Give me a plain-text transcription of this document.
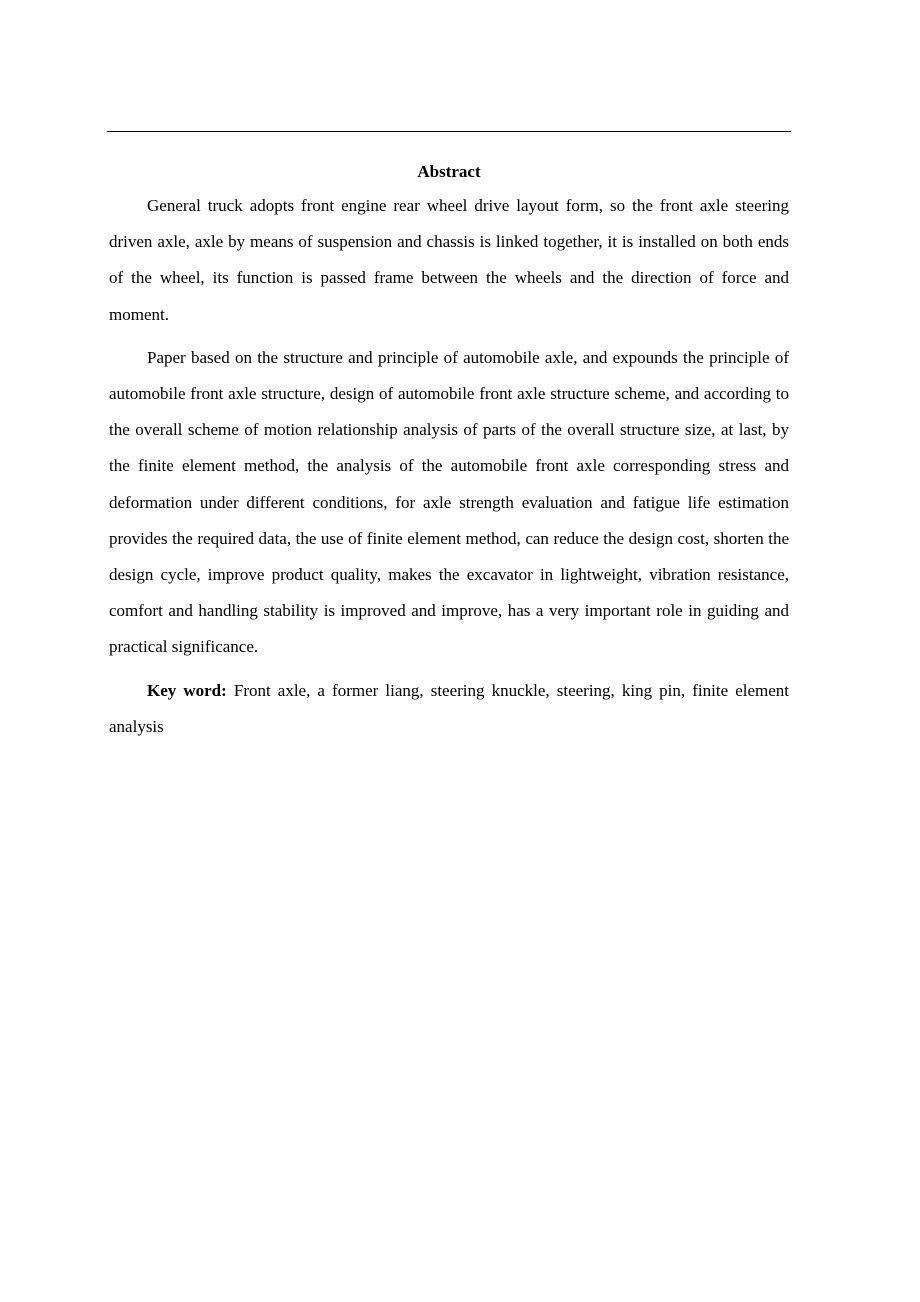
Abstract

General truck adopts front engine rear wheel drive layout form, so the front axle steering driven axle, axle by means of suspension and chassis is linked together, it is installed on both ends of the wheel, its function is passed frame between the wheels and the direction of force and moment.

Paper based on the structure and principle of automobile axle, and expounds the principle of automobile front axle structure, design of automobile front axle structure scheme, and according to the overall scheme of motion relationship analysis of parts of the overall structure size, at last, by the finite element method, the analysis of the automobile front axle corresponding stress and deformation under different conditions, for axle strength evaluation and fatigue life estimation provides the required data, the use of finite element method, can reduce the design cost, shorten the design cycle, improve product quality, makes the excavator in lightweight, vibration resistance, comfort and handling stability is improved and improve, has a very important role in guiding and practical significance.

Key word: Front axle, a former liang, steering knuckle, steering, king pin, finite element analysis
